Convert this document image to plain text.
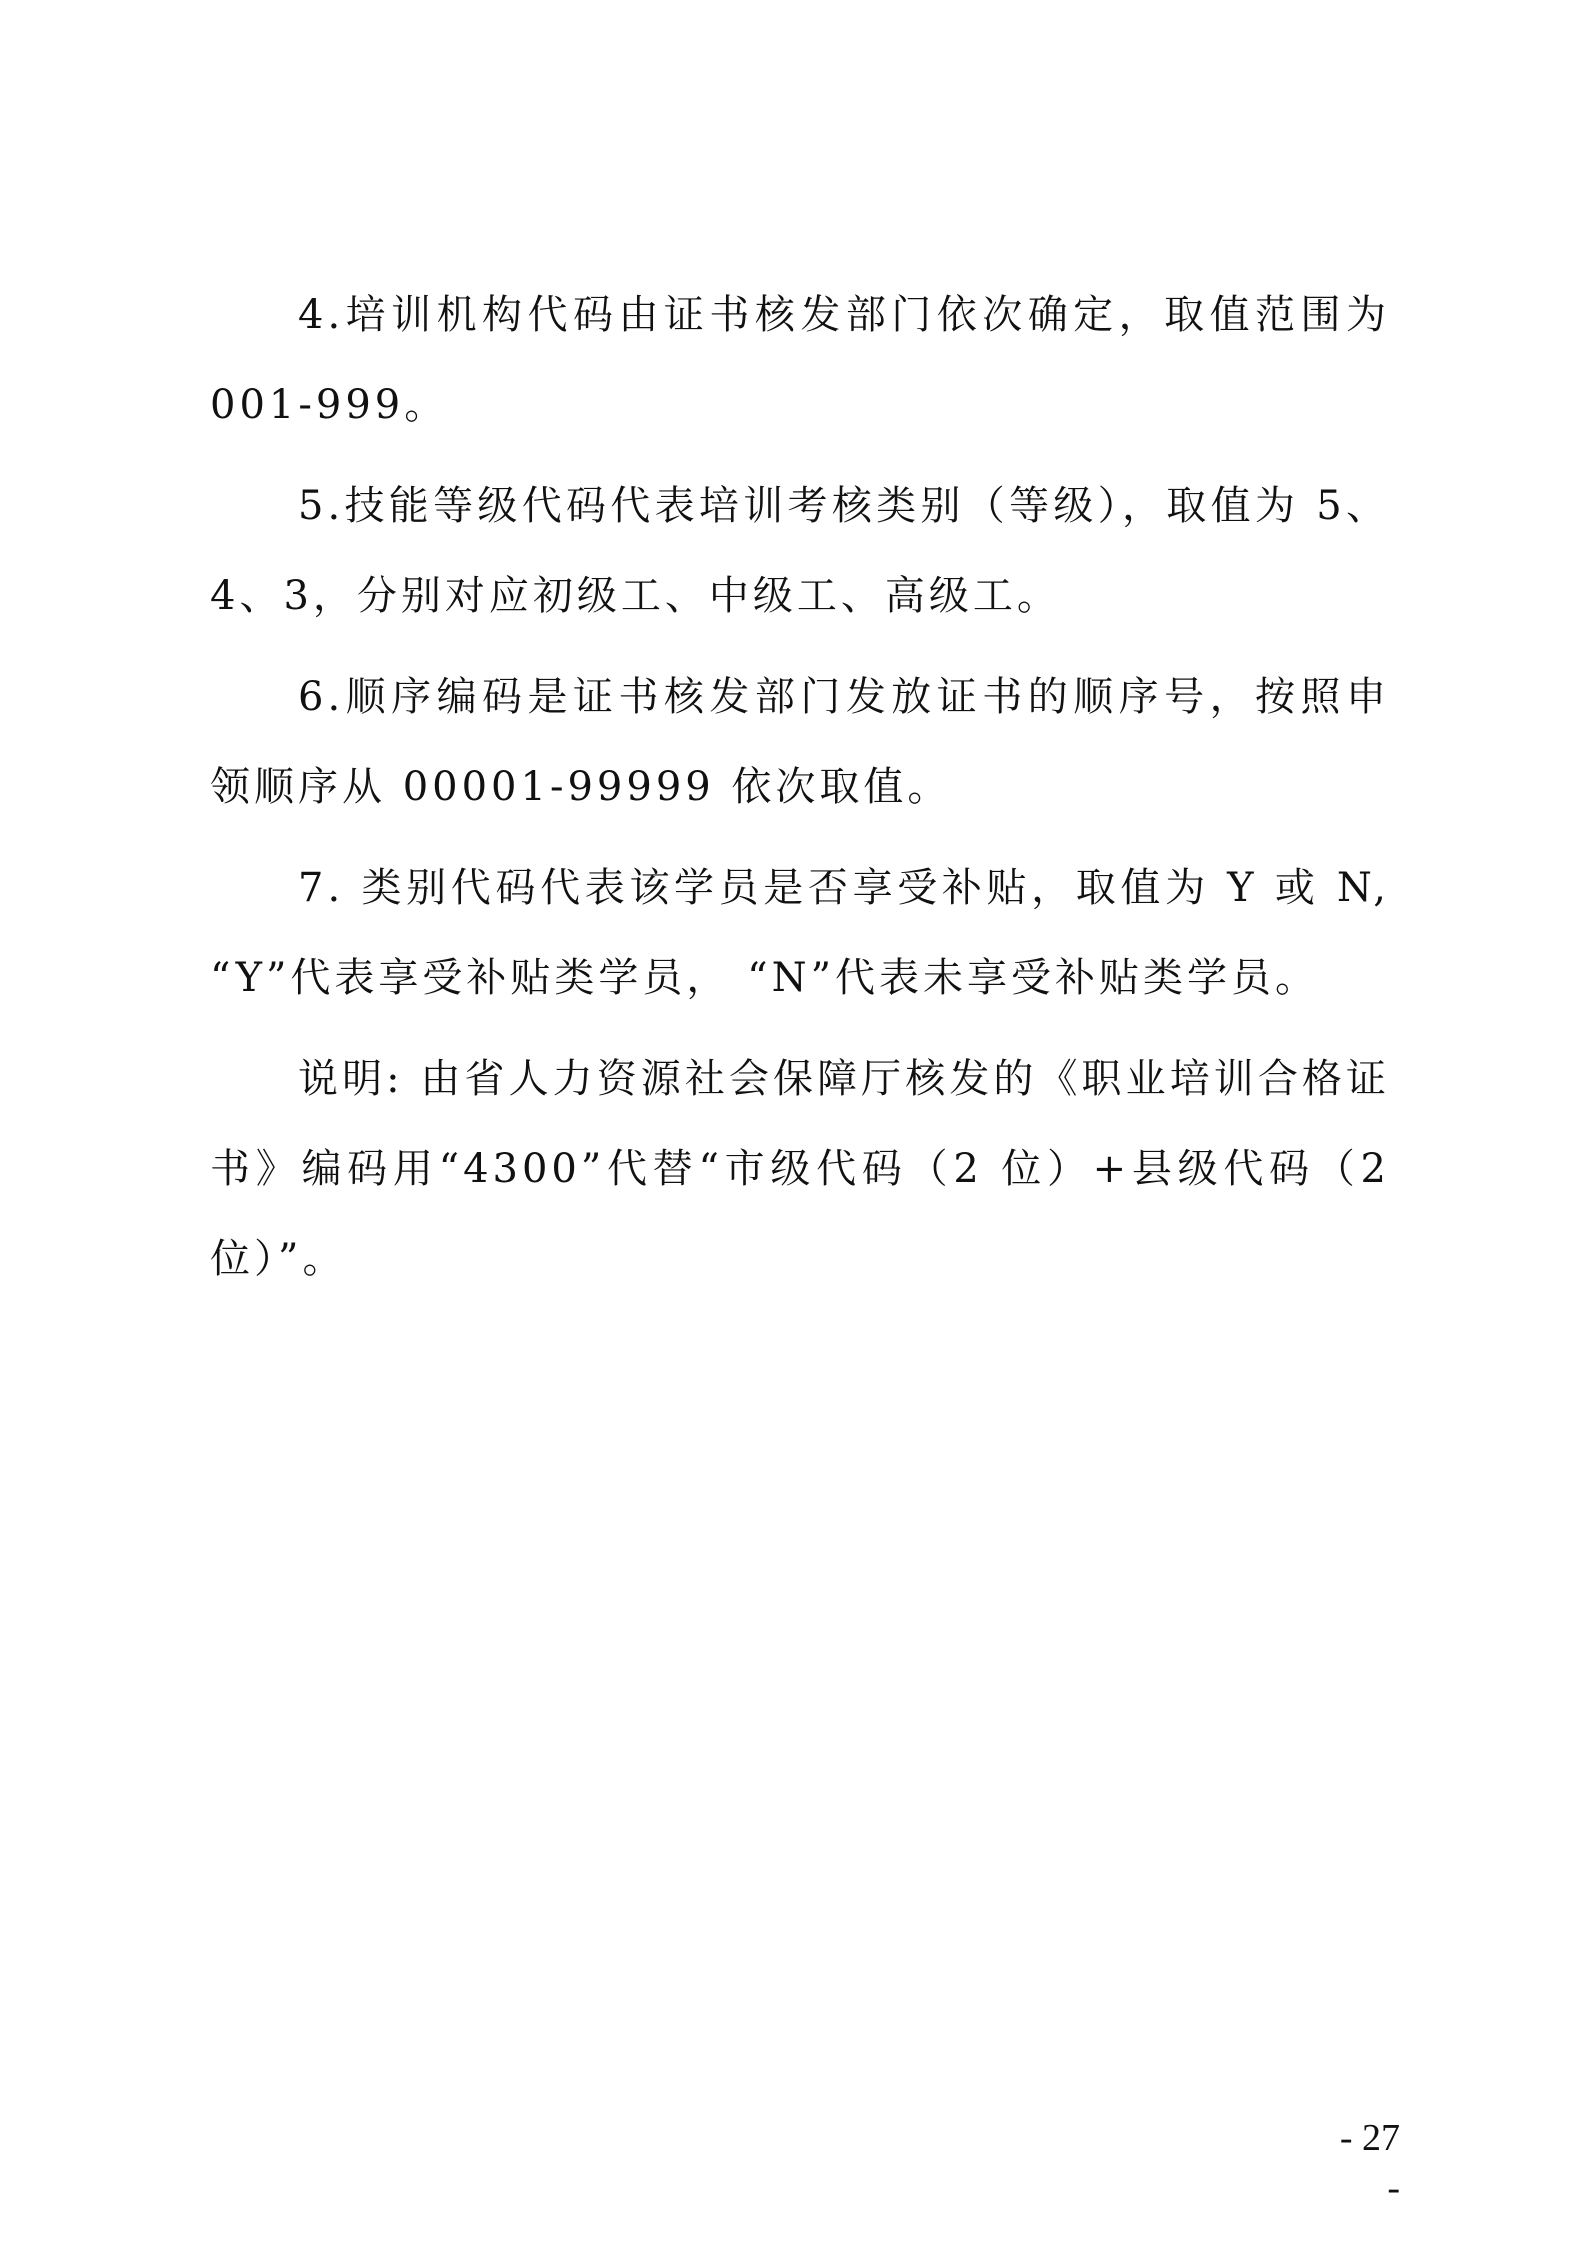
4.培训机构代码由证书核发部门依次确定，取值范围为001-999。

5.技能等级代码代表培训考核类别（等级），取值为 5、4、3，分别对应初级工、中级工、高级工。

6.顺序编码是证书核发部门发放证书的顺序号，按照申领顺序从 00001-99999 依次取值。

7. 类别代码代表该学员是否享受补贴，取值为 Y 或 N, “Y”代表享受补贴类学员， “N”代表未享受补贴类学员。

说明: 由省人力资源社会保障厅核发的《职业培训合格证书》编码用“4300”代替“市级代码（2 位）+县级代码（2 位）”。

- 27 -
